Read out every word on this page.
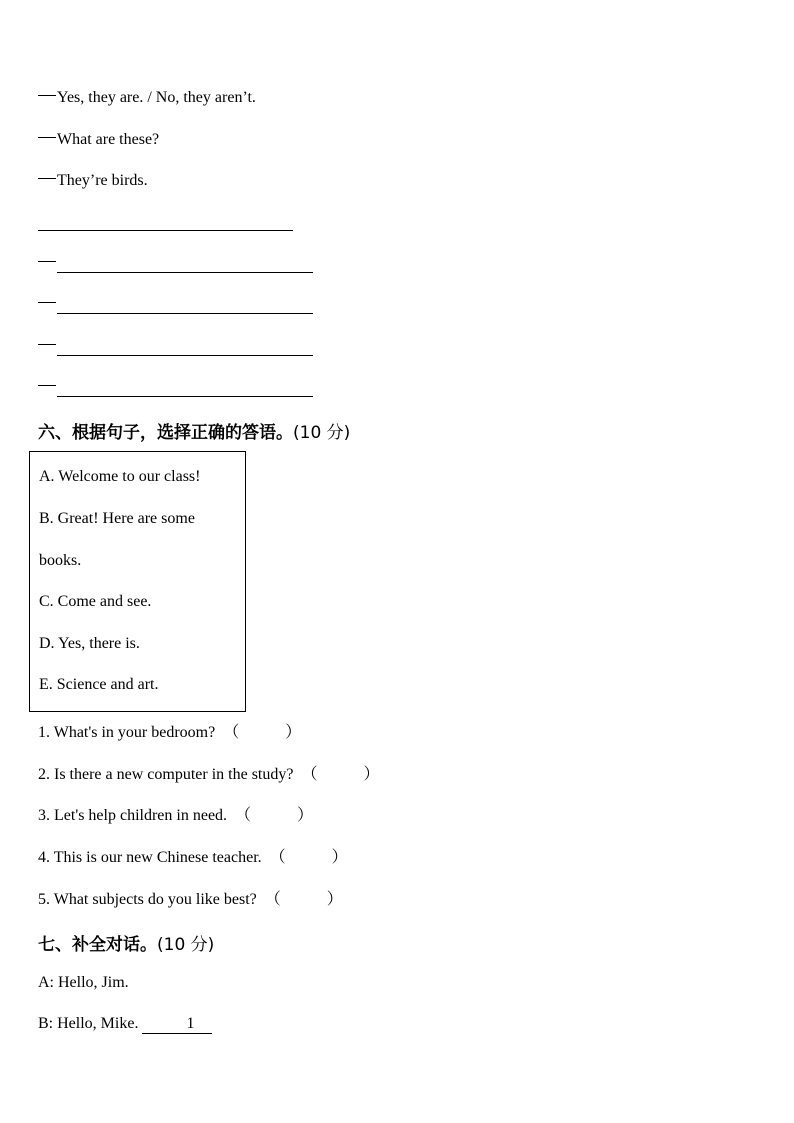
Yes, they are. / No, they aren’t.
What are these?
They’re birds.
六、根据句子，选择正确的答语。(10 分)
A. Welcome to our class!
B. Great! Here are some
books.
C. Come and see.
D. Yes, there is.
E. Science and art.
1. What's in your bedroom? （	）
2. Is there a new computer in the study? （	）
3. Let's help children in need. （	）
4. This is our new Chinese teacher. （	）
5. What subjects do you like best? （	）
七、补全对话。(10 分)
A: Hello, Jim.
B: Hello, Mike.	1
